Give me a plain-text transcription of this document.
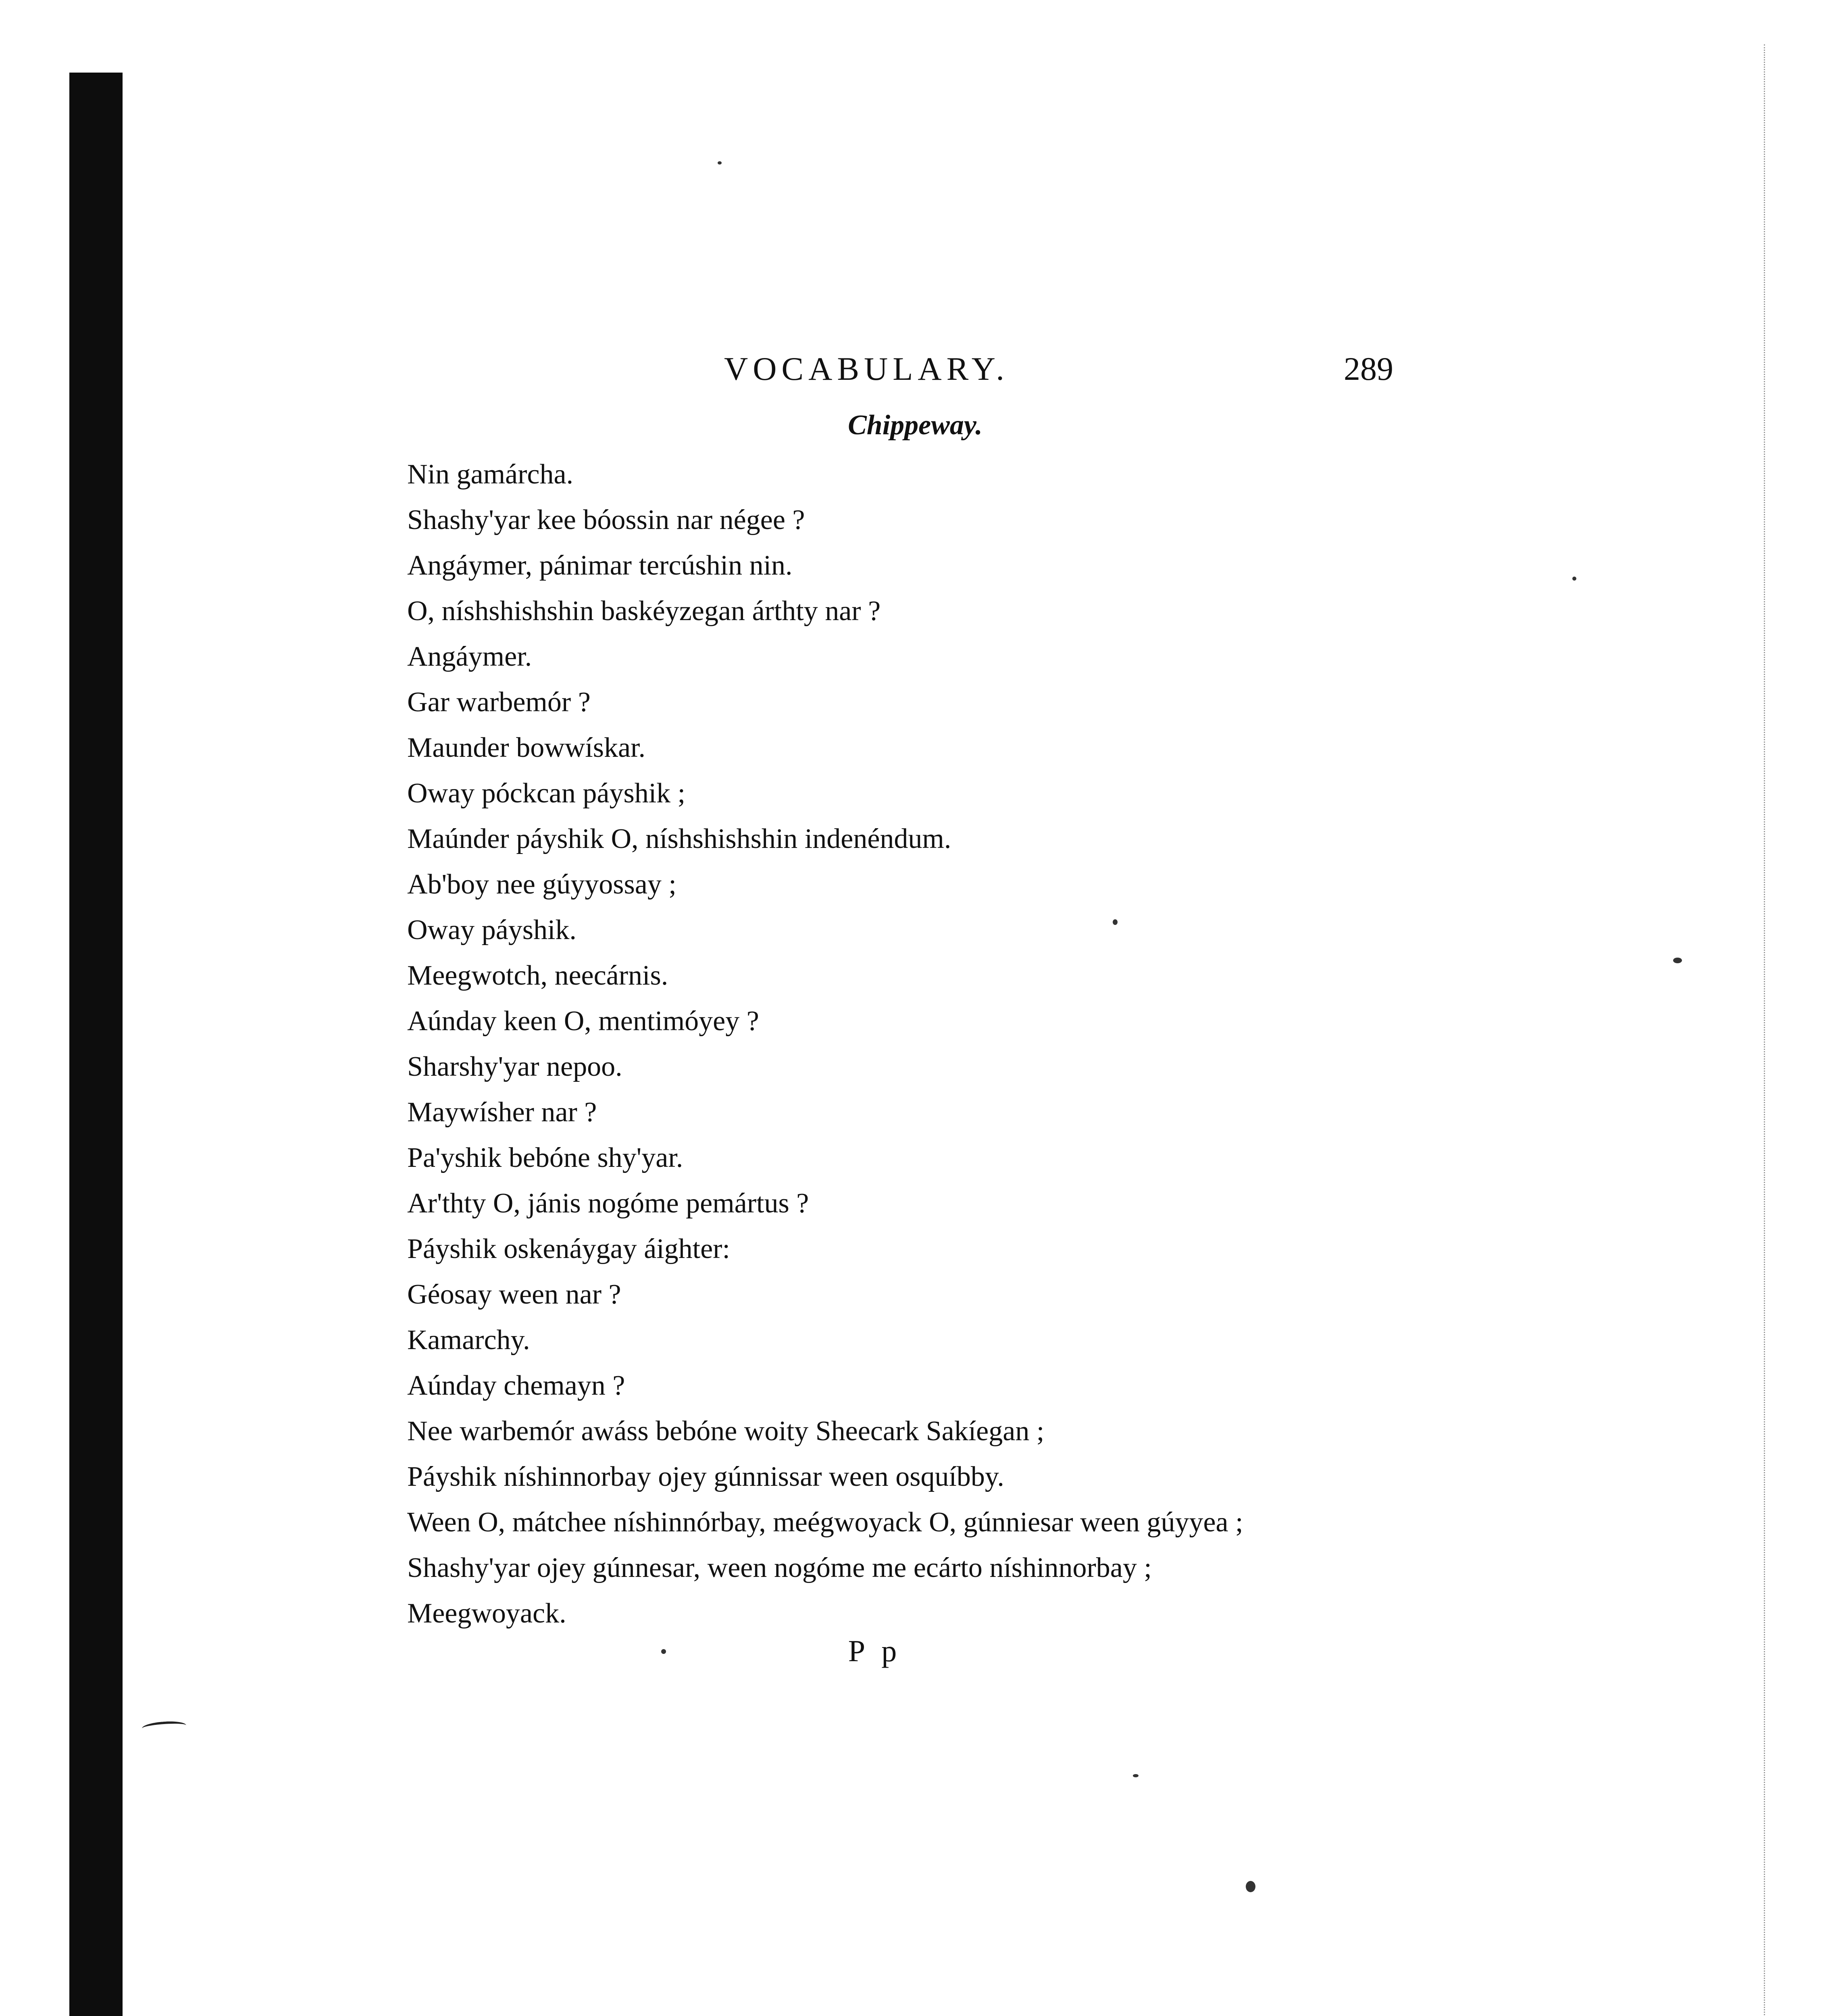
VOCABULARY.	289
Chippeway.
Nin gamárcha.
Shashy'yar kee bóossin nar négee ?
Angáymer, pánimar tercúshin nin.
O, níshshishshin baskéyzegan árthty nar ?
Angáymer.
Gar warbemór ?
Maunder bowwískar.
Oway póckcan páyshik ;
Maúnder páyshik O, níshshishshin indenéndum.
Ab'boy nee gúyyossay ;
Oway páyshik.
Meegwotch, neecárnis.
Aúnday keen O, mentimóyey ?
Sharshy'yar nepoo.
Maywísher nar ?
Pa'yshik bebóne shy'yar.
Ar'thty O, jánis nogóme pemártus ?
Páyshik oskenáygay áighter:
Géosay ween nar ?
Kamarchy.
Aúnday chemayn ?
Nee warbemór awáss bebóne woity Sheecark Sakíegan ;
Páyshik níshinnorbay ojey gúnnissar ween osquíbby.
Ween O, mátchee níshinnórbay, meégwoyack O, gúnniesar ween gúyyea ;
Shashy'yar ojey gúnnesar, ween nogóme me ecárto níshinnorbay ;
Meegwoyack.
P p
